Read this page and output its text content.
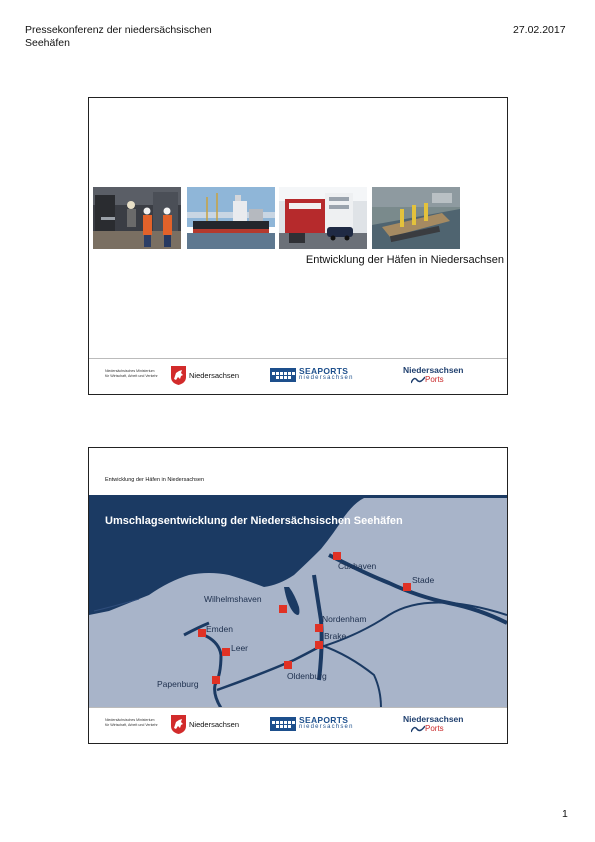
Pressekonferenz der niedersächsischen Seehäfen
27.02.2017
Entwicklung der Häfen in Niedersachsen
Niedersächsisches Ministerium
für Wirtschaft, Arbeit und Verkehr	Niedersachsen	SEAPORTS
niedersachsen
Niedersachsen
Ports
Entwicklung der Häfen in Niedersachsen
Umschlagsentwicklung der Niedersächsischen Seehäfen
Cuxhaven
Stade
Wilhelmshaven
Nordenham
Emden
Brake
Leer
Oldenburg
Papenburg
Niedersächsisches Ministerium
für Wirtschaft, Arbeit und Verkehr	Niedersachsen	SEAPORTS
niedersachsen
Niedersachsen
Ports
1
